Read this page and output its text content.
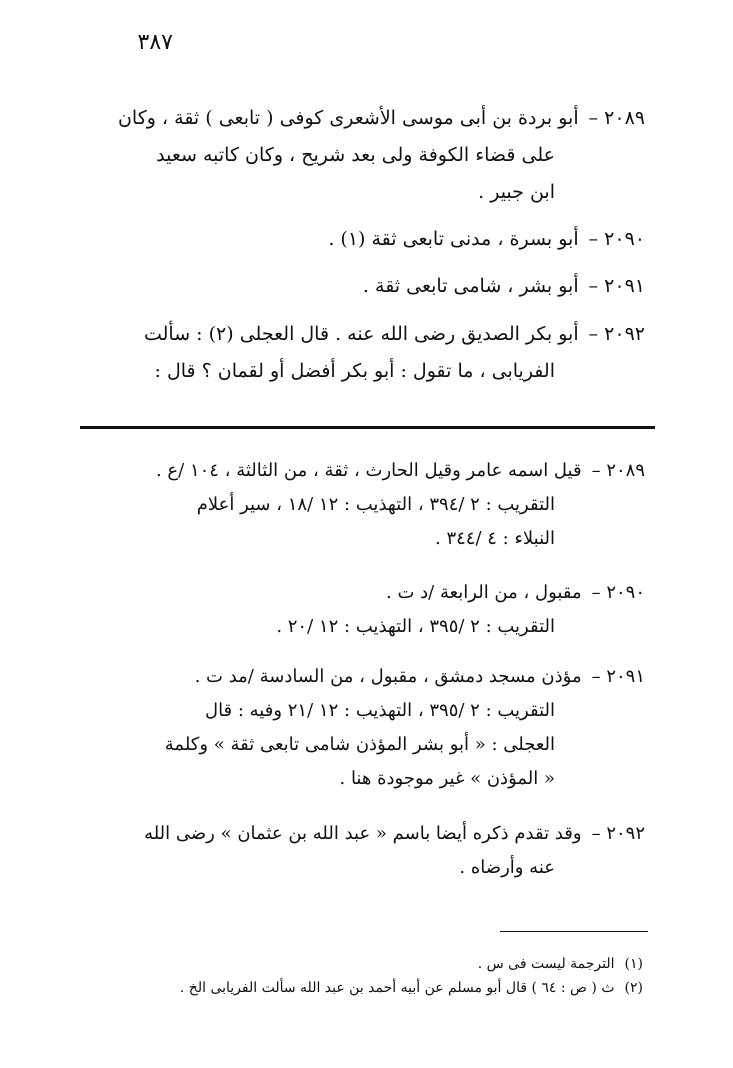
٣٨٧
٢٠٨٩ –أبو بردة بن أبى موسى الأشعرى كوفى ( تابعى ) ثقة ، وكان
على قضاء الكوفة ولى بعد شريح ، وكان كاتبه سعيد
ابن جبير .
٢٠٩٠ –أبو بسرة ، مدنى تابعى ثقة (١) .
٢٠٩١ –أبو بشر ، شامى تابعى ثقة .
٢٠٩٢ –أبو بكر الصديق رضى الله عنه . قال العجلى (٢) : سألت
الفريابى ، ما تقول : أبو بكر أفضل أو لقمان ؟ قال :
٢٠٨٩ –قيل اسمه عامر وقيل الحارث ، ثقة ، من الثالثة ، ١٠٤ /ع .
التقريب : ٢ /٣٩٤ ، التهذيب : ١٢ /١٨ ، سير أعلام
النبلاء : ٤ /٣٤٤ .
٢٠٩٠ –مقبول ، من الرابعة /د ت .
التقريب : ٢ /٣٩٥ ، التهذيب : ١٢ /٢٠ .
٢٠٩١ –مؤذن مسجد دمشق ، مقبول ، من السادسة /مد ت .
التقريب : ٢ /٣٩٥ ، التهذيب : ١٢ /٢١ وفيه : قال
العجلى : « أبو بشر المؤذن شامى تابعى ثقة » وكلمة
« المؤذن » غير موجودة هنا .
٢٠٩٢ –وقد تقدم ذكره أيضا باسم « عبد الله بن عثمان » رضى الله
عنه وأرضاه .
(١)الترجمة ليست فى س .
(٢)ث ( ص : ٦٤ ) قال أبو مسلم عن أبيه أحمد بن عبد الله سألت الفريابى الخ .
